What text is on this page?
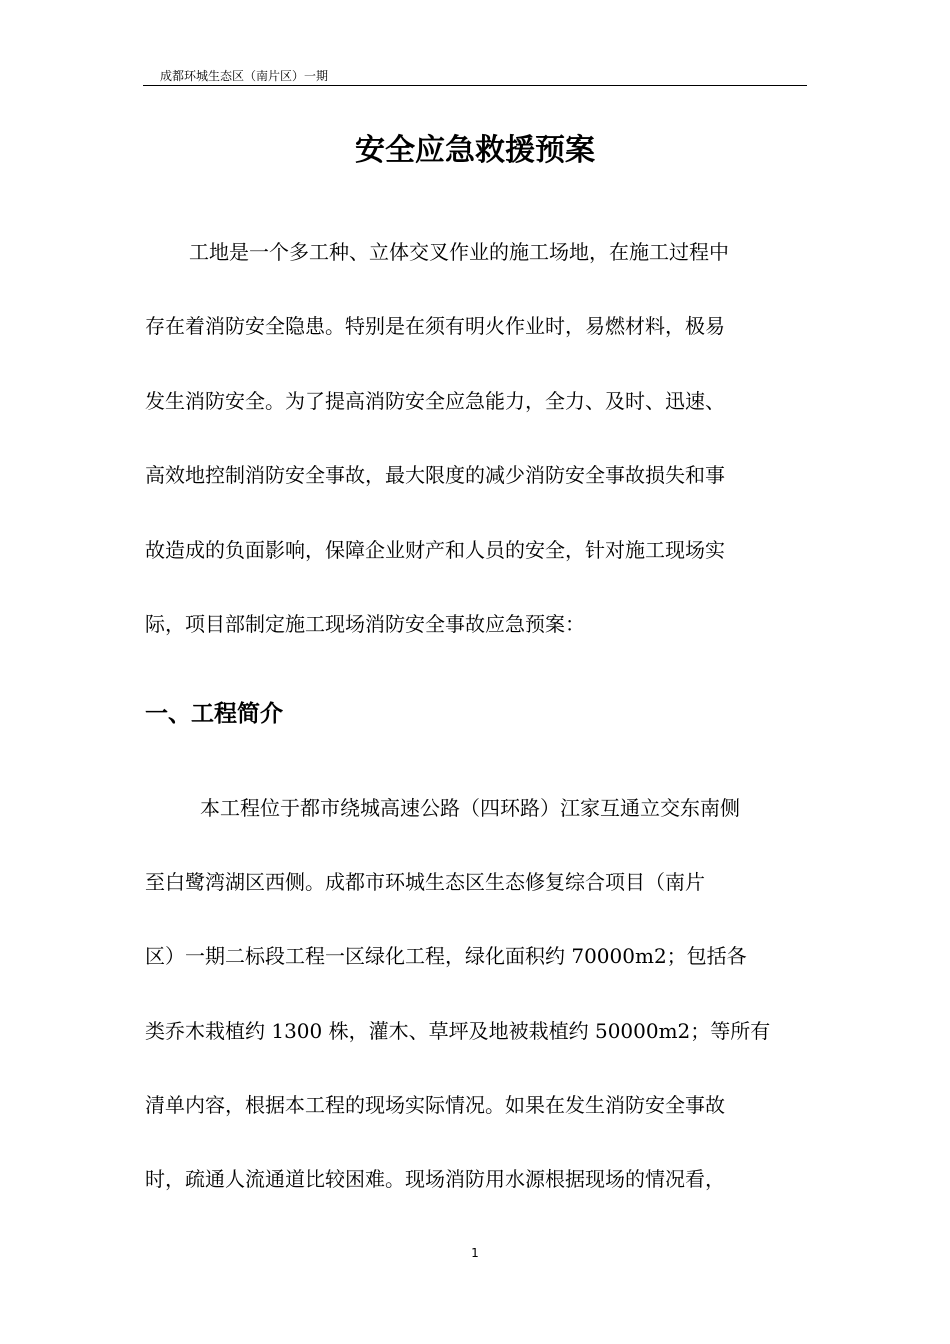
成都环城生态区（南片区）一期
安全应急救援预案
工地是一个多工种、立体交叉作业的施工场地，在施工过程中
存在着消防安全隐患。特别是在须有明火作业时，易燃材料，极易
发生消防安全。为了提高消防安全应急能力，全力、及时、迅速、
高效地控制消防安全事故，最大限度的减少消防安全事故损失和事
故造成的负面影响，保障企业财产和人员的安全，针对施工现场实
际，项目部制定施工现场消防安全事故应急预案：
一、工程简介
本工程位于都市绕城高速公路（四环路）江家互通立交东南侧
至白鹭湾湖区西侧。成都市环城生态区生态修复综合项目（南片
区）一期二标段工程一区绿化工程，绿化面积约 70000m2；包括各
类乔木栽植约 1300 株，灌木、草坪及地被栽植约 50000m2；等所有
清单内容，根据本工程的现场实际情况。如果在发生消防安全事故
时，疏通人流通道比较困难。现场消防用水源根据现场的情况看，
1
